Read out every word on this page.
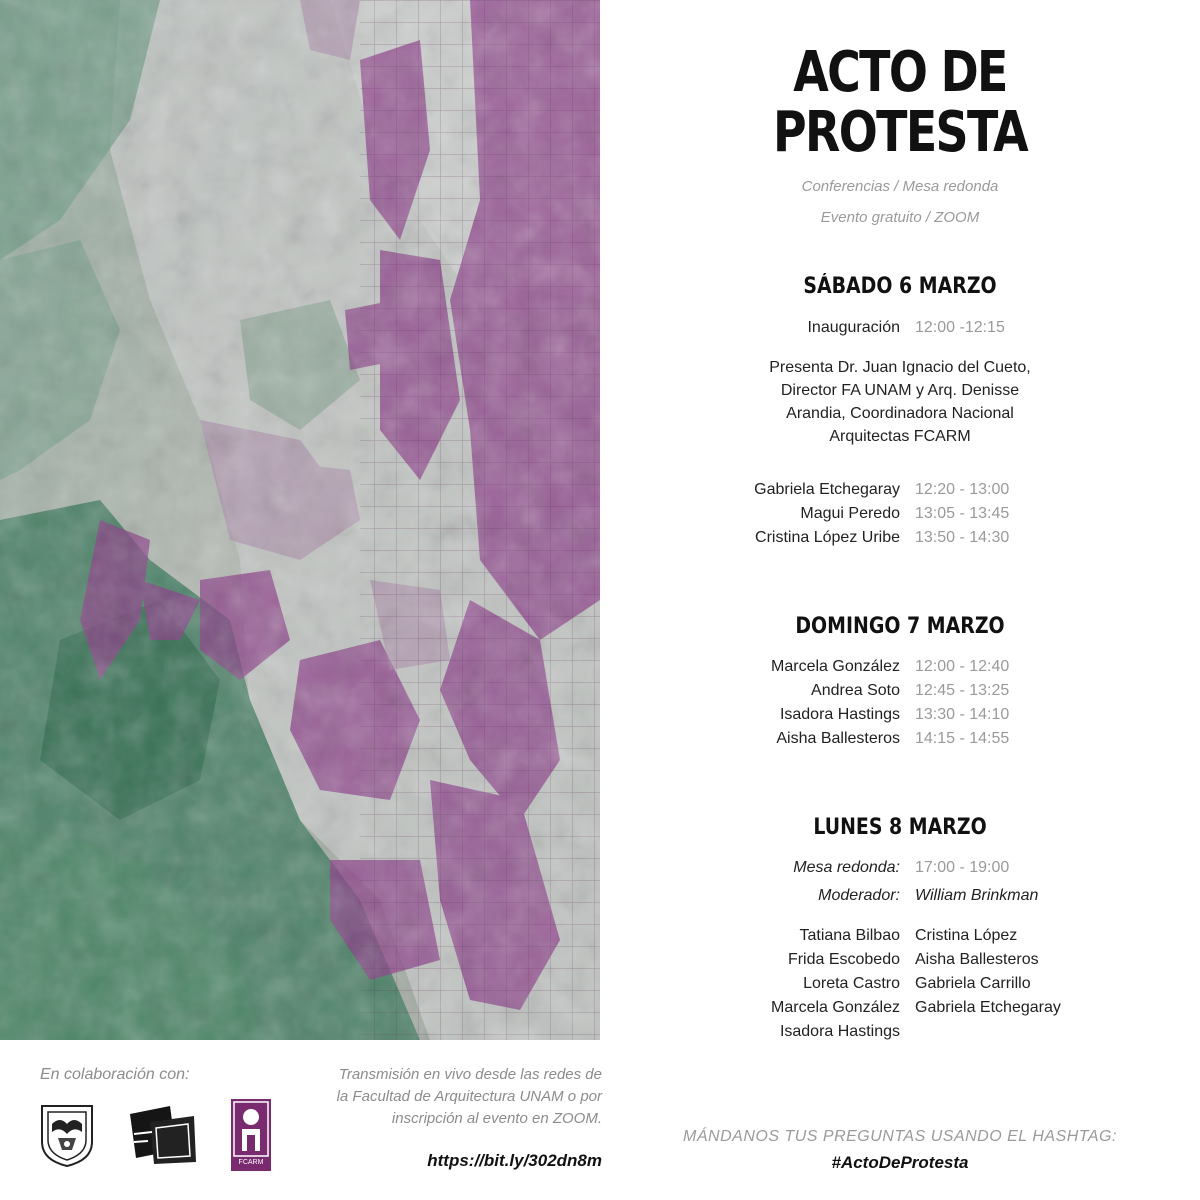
ACTO DE
PROTESTA
Conferencias / Mesa redonda
Evento gratuito / ZOOM
SÁBADO 6 MARZO
Inauguración 12:00 -12:15
Presenta Dr. Juan Ignacio del Cueto,
Director FA UNAM y Arq. Denisse
Arandia, Coordinadora Nacional
Arquitectas FCARM
Gabriela Etchegaray 12:20 - 13:00
Magui Peredo 13:05 - 13:45
Cristina López Uribe 13:50 - 14:30
DOMINGO 7 MARZO
Marcela González 12:00 - 12:40
Andrea Soto 12:45 - 13:25
Isadora Hastings 13:30 - 14:10
Aisha Ballesteros 14:15 - 14:55
LUNES 8 MARZO
Mesa redonda: 17:00 - 19:00
Moderador: William Brinkman
Tatiana Bilbao Cristina López
Frida Escobedo Aisha Ballesteros
Loreta Castro Gabriela Carrillo
Marcela González Gabriela Etchegaray
Isadora Hastings
MÁNDANOS TUS PREGUNTAS USANDO EL HASHTAG:
#ActoDeProtesta
En colaboración con:
FCARM
Transmisión en vivo desde las redes de
la Facultad de Arquitectura UNAM o por
inscripción al evento en ZOOM.
https://bit.ly/302dn8m
